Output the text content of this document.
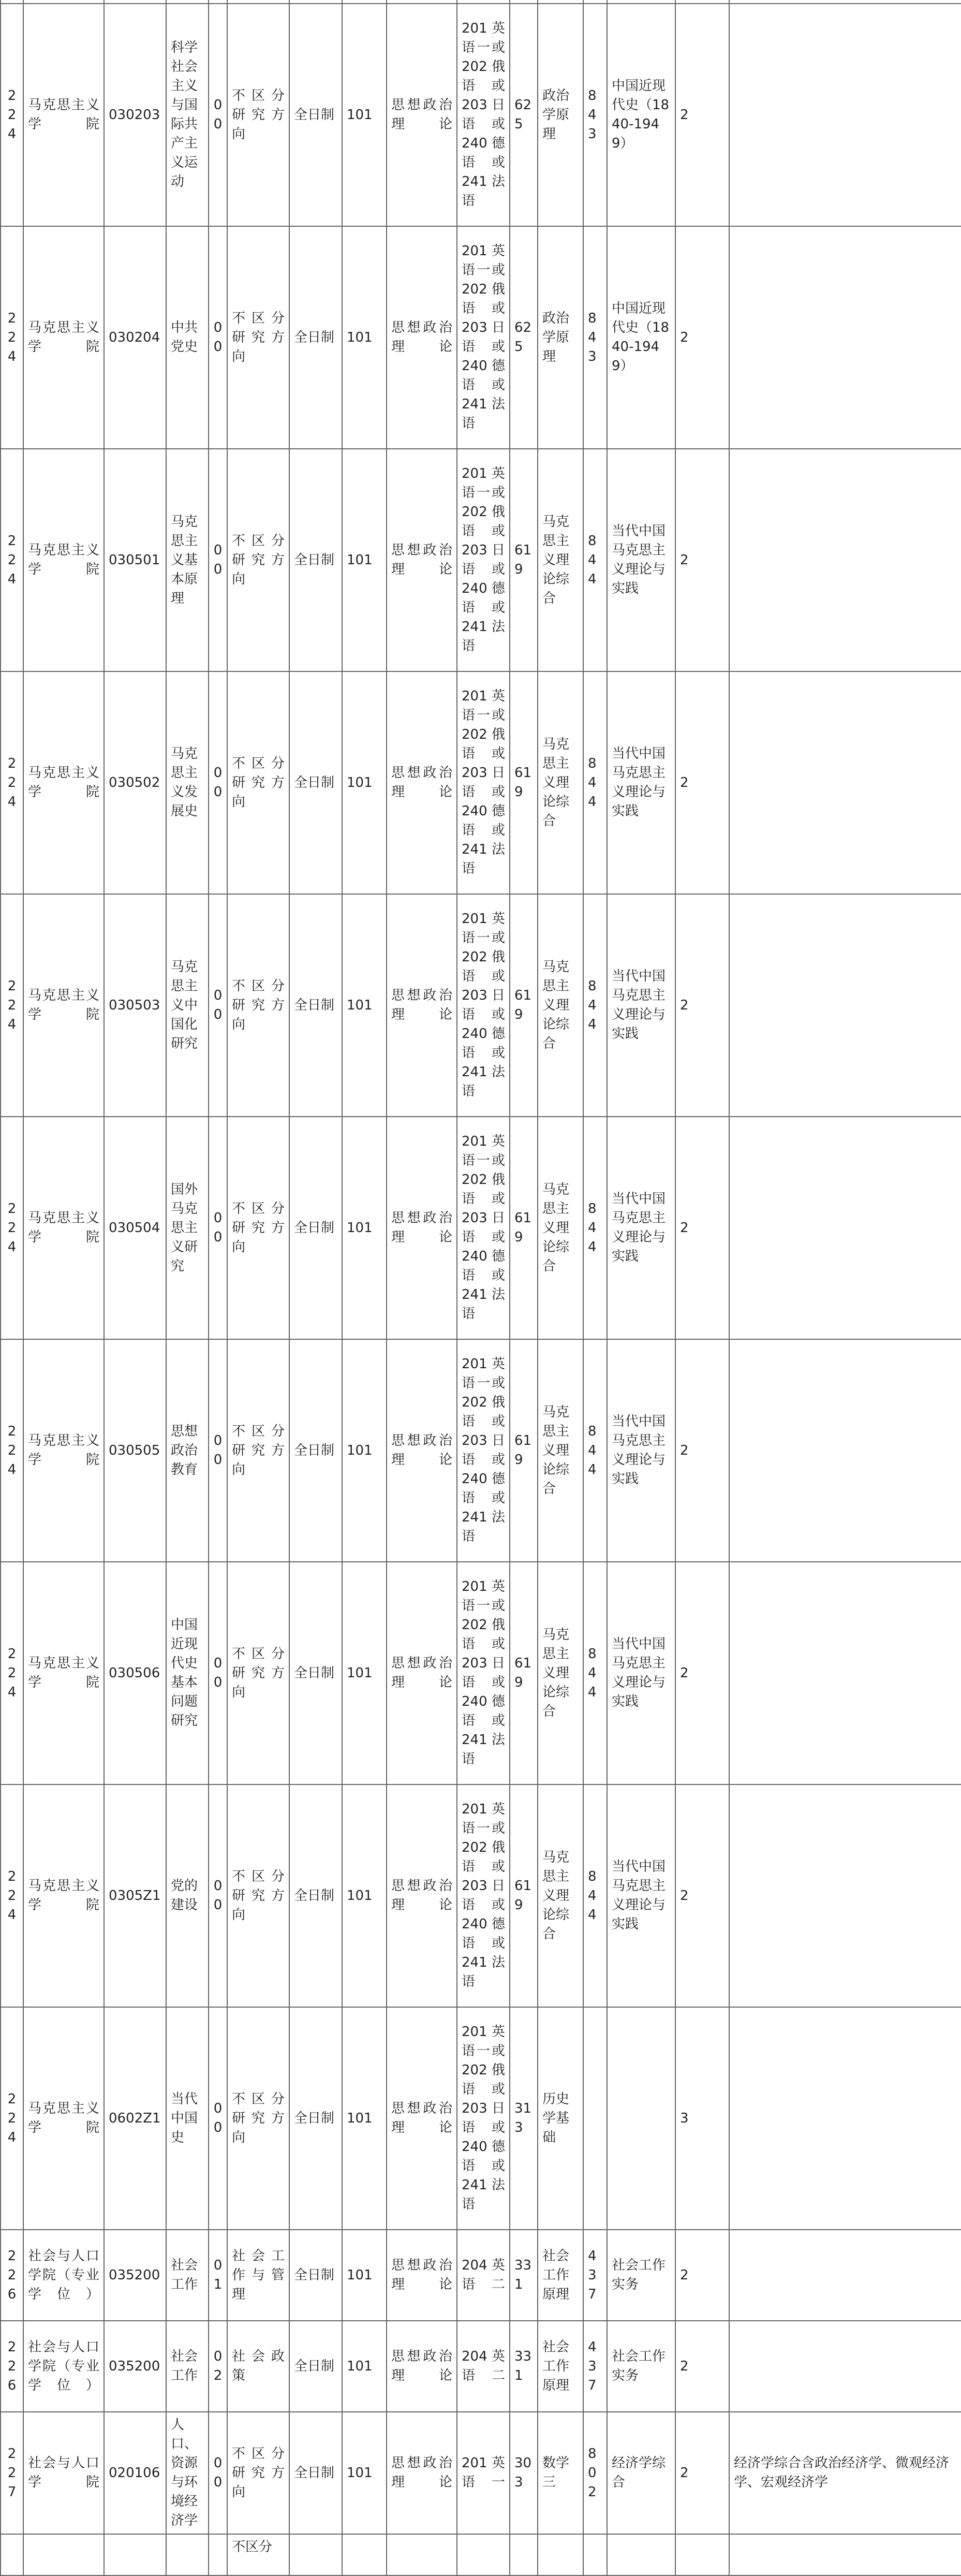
224	马克思主义学院	030203	科学社会主义与国际共产主义运动	00	不区分研究方向	全日制	101	思想政治理论	201 英语一或 202 俄语 或 203 日语 或 240 德语 或 241 法语	625	政治学原理	843	中国近现代史（1840-1949）	2	
224	马克思主义学院	030204	中共党史	00	不区分研究方向	全日制	101	思想政治理论	201 英语一或 202 俄语 或 203 日语 或 240 德语 或 241 法语	625	政治学原理	843	中国近现代史（1840-1949）	2	
224	马克思主义学院	030501	马克思主义基本原理	00	不区分研究方向	全日制	101	思想政治理论	201 英语一或 202 俄语 或 203 日语 或 240 德语 或 241 法语	619	马克思主义理论综合	844	当代中国马克思主义理论与实践	2	
224	马克思主义学院	030502	马克思主义发展史	00	不区分研究方向	全日制	101	思想政治理论	201 英语一或 202 俄语 或 203 日语 或 240 德语 或 241 法语	619	马克思主义理论综合	844	当代中国马克思主义理论与实践	2	
224	马克思主义学院	030503	马克思主义中国化研究	00	不区分研究方向	全日制	101	思想政治理论	201 英语一或 202 俄语 或 203 日语 或 240 德语 或 241 法语	619	马克思主义理论综合	844	当代中国马克思主义理论与实践	2	
224	马克思主义学院	030504	国外马克思主义研究	00	不区分研究方向	全日制	101	思想政治理论	201 英语一或 202 俄语 或 203 日语 或 240 德语 或 241 法语	619	马克思主义理论综合	844	当代中国马克思主义理论与实践	2	
224	马克思主义学院	030505	思想政治教育	00	不区分研究方向	全日制	101	思想政治理论	201 英语一或 202 俄语 或 203 日语 或 240 德语 或 241 法语	619	马克思主义理论综合	844	当代中国马克思主义理论与实践	2	
224	马克思主义学院	030506	中国近现代史基本问题研究	00	不区分研究方向	全日制	101	思想政治理论	201 英语一或 202 俄语 或 203 日语 或 240 德语 或 241 法语	619	马克思主义理论综合	844	当代中国马克思主义理论与实践	2	
224	马克思主义学院	0305Z1	党的建设	00	不区分研究方向	全日制	101	思想政治理论	201 英语一或 202 俄语 或 203 日语 或 240 德语 或 241 法语	619	马克思主义理论综合	844	当代中国马克思主义理论与实践	2	
224	马克思主义学院	0602Z1	当代中国史	00	不区分研究方向	全日制	101	思想政治理论	201 英语一或 202 俄语 或 203 日语 或 240 德语 或 241 法语	313	历史学基础			3	
226	社会与人口学院（专业学位）	035200	社会工作	01	社会工作与管理	全日制	101	思想政治理论	204 英语二	331	社会工作原理	437	社会工作实务	2	
226	社会与人口学院（专业学位）	035200	社会工作	02	社会政策	全日制	101	思想政治理论	204 英语二	331	社会工作原理	437	社会工作实务	2	
227	社会与人口学院	020106	人口、资源与环境经济学	00	不区分研究方向	全日制	101	思想政治理论	201 英语一	303	数学三	802	经济学综合	2	经济学综合含政治经济学、微观经济学、宏观经济学
					不区分										
